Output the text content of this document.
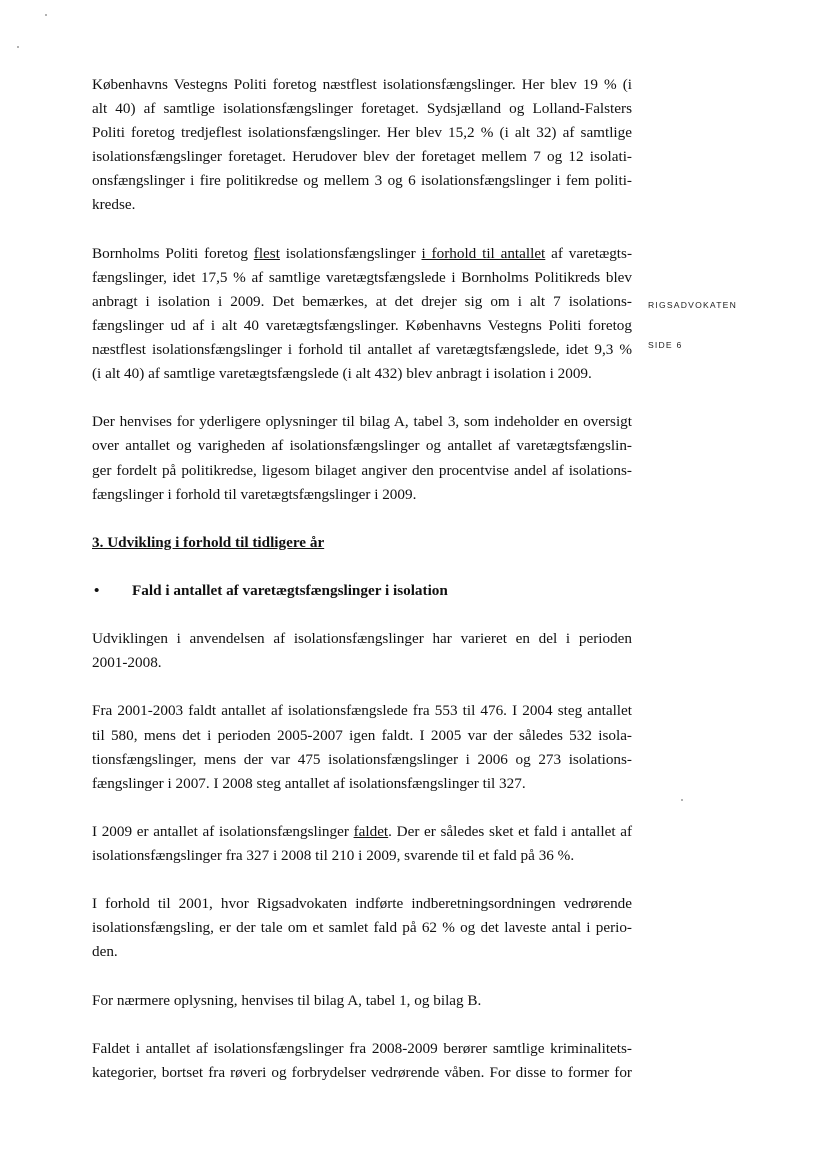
RIGSADVOKATEN
SIDE 6
Københavns Vestegns Politi foretog næstflest isolationsfængslinger. Her blev 19 % (i
alt 40) af samtlige isolationsfængslinger foretaget. Sydsjælland og Lolland-Falsters
Politi foretog tredjeflest isolationsfængslinger. Her blev 15,2 % (i alt 32) af samtlige
isolationsfængslinger foretaget. Herudover blev der foretaget mellem 7 og 12 isolati-
onsfængslinger i fire politikredse og mellem 3 og 6 isolationsfængslinger i fem politi-
kredse.
Bornholms Politi foretog flest isolationsfængslinger i forhold til antallet af varetægts-
fængslinger, idet 17,5 % af samtlige varetægtsfængslede i Bornholms Politikreds blev
anbragt i isolation i 2009. Det bemærkes, at det drejer sig om i alt 7 isolations-
fængslinger ud af i alt 40 varetægtsfængslinger. Københavns Vestegns Politi foretog
næstflest isolationsfængslinger i forhold til antallet af varetægtsfængslede, idet 9,3 %
(i alt 40) af samtlige varetægtsfængslede (i alt 432) blev anbragt i isolation i 2009.
Der henvises for yderligere oplysninger til bilag A, tabel 3, som indeholder en oversigt
over antallet og varigheden af isolationsfængslinger og antallet af varetægtsfængslin-
ger fordelt på politikredse, ligesom bilaget angiver den procentvise andel af isolations-
fængslinger i forhold til varetægtsfængslinger i 2009.
3. Udvikling i forhold til tidligere år
• Fald i antallet af varetægtsfængslinger i isolation
Udviklingen i anvendelsen af isolationsfængslinger har varieret en del i perioden
2001-2008.
Fra 2001-2003 faldt antallet af isolationsfængslede fra 553 til 476. I 2004 steg antallet
til 580, mens det i perioden 2005-2007 igen faldt. I 2005 var der således 532 isola-
tionsfængslinger, mens der var 475 isolationsfængslinger i 2006 og 273 isolations-
fængslinger i 2007. I 2008 steg antallet af isolationsfængslinger til 327.
I 2009 er antallet af isolationsfængslinger faldet. Der er således sket et fald i antallet af
isolationsfængslinger fra 327 i 2008 til 210 i 2009, svarende til et fald på 36 %.
I forhold til 2001, hvor Rigsadvokaten indførte indberetningsordningen vedrørende
isolationsfængsling, er der tale om et samlet fald på 62 % og det laveste antal i perio-
den.
For nærmere oplysning, henvises til bilag A, tabel 1, og bilag B.
Faldet i antallet af isolationsfængslinger fra 2008-2009 berører samtlige kriminalitets-
kategorier, bortset fra røveri og forbrydelser vedrørende våben. For disse to former for
